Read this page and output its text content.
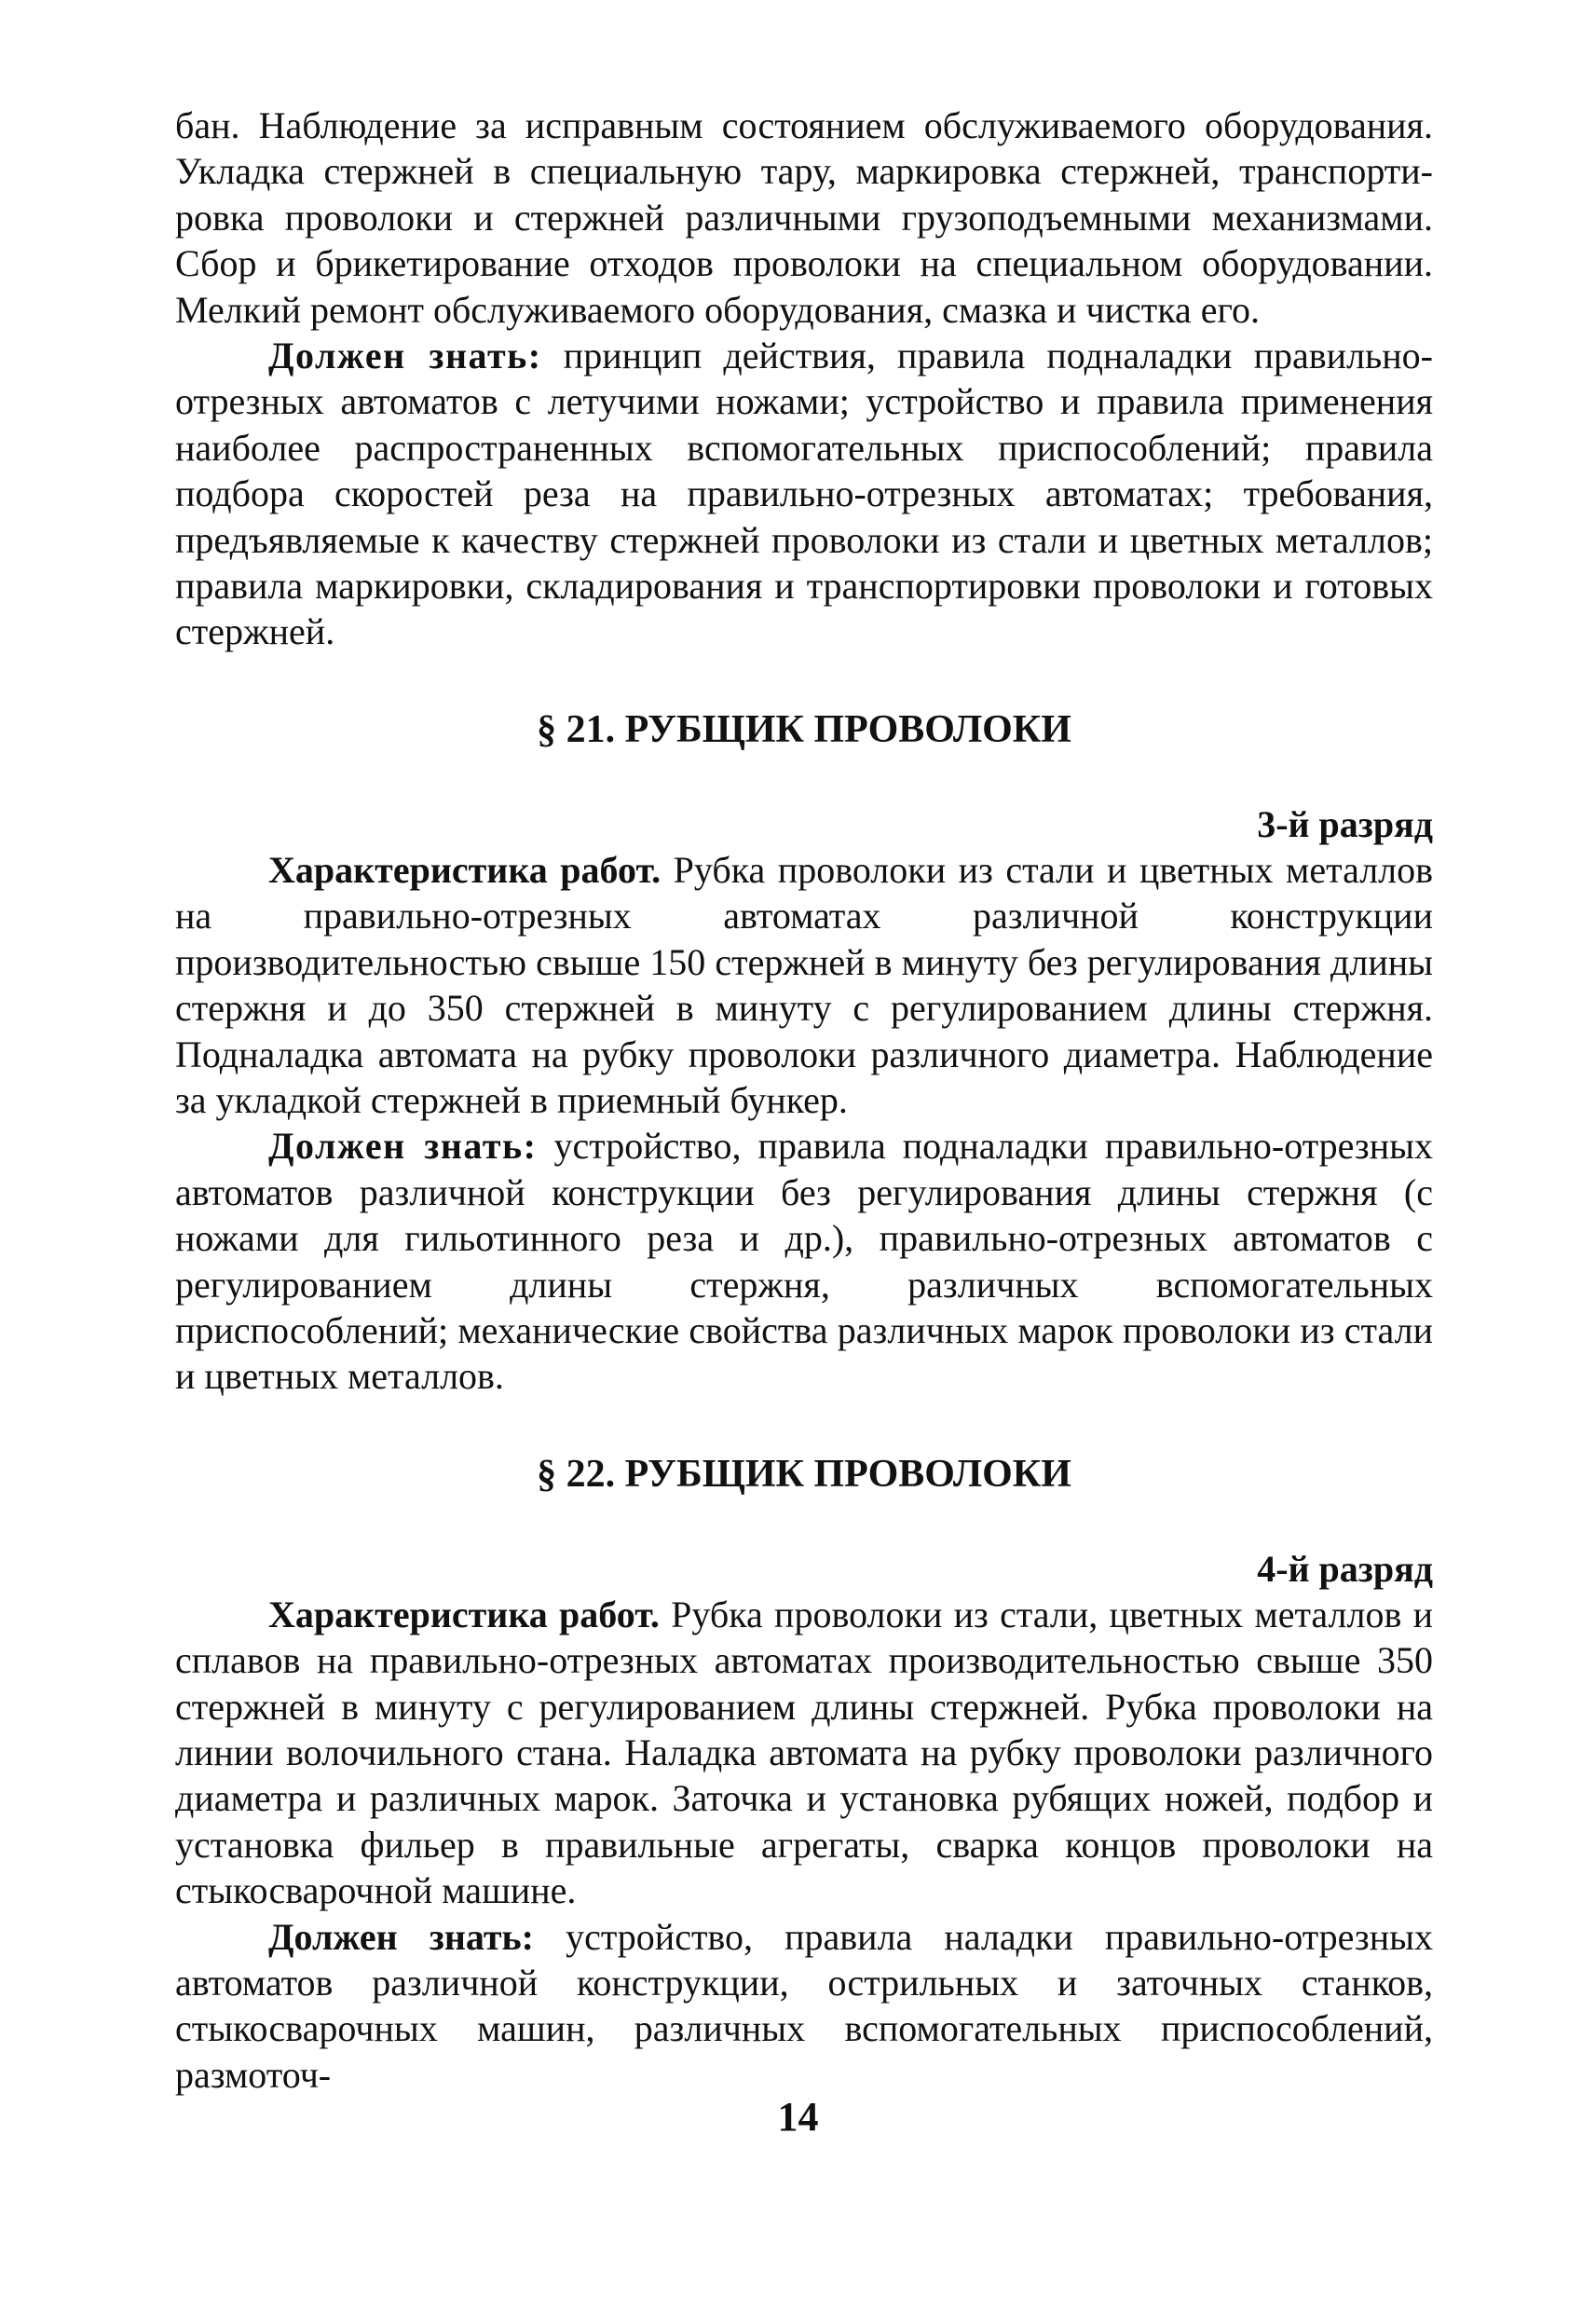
бан. Наблюдение за исправным состоянием обслуживаемого оборудования.
Укладка стержней в специальную тару, маркировка стержней, транспорти-
ровка проволоки и стержней различными грузоподъемными механизмами.
Сбор и брикетирование отходов проволоки на специальном оборудовании.
Мелкий ремонт обслуживаемого оборудования, смазка и чистка его.

Должен знать: принцип действия, правила подналадки правильно-отрезных автоматов с летучими ножами; устройство и правила применения наиболее распространенных вспомогательных приспособлений; правила подбора скоростей реза на правильно-отрезных автоматах; требования, предъявляемые к качеству стержней проволоки из стали и цветных металлов; правила маркировки, складирования и транспортировки проволоки и готовых стержней.

§ 21. РУБЩИК ПРОВОЛОКИ

3-й разряд

Характеристика работ. Рубка проволоки из стали и цветных металлов на правильно-отрезных автоматах различной конструкции производительностью свыше 150 стержней в минуту без регулирования длины стержня и до 350 стержней в минуту с регулированием длины стержня. Подналадка автомата на рубку проволоки различного диаметра. Наблюдение за укладкой стержней в приемный бункер.

Должен знать: устройство, правила подналадки правильно-отрезных автоматов различной конструкции без регулирования длины стержня (с ножами для гильотинного реза и др.), правильно-отрезных автоматов с регулированием длины стержня, различных вспомогательных приспособлений; механические свойства различных марок проволоки из стали и цветных металлов.

§ 22. РУБЩИК ПРОВОЛОКИ

4-й разряд

Характеристика работ. Рубка проволоки из стали, цветных металлов и сплавов на правильно-отрезных автоматах производительностью свыше 350 стержней в минуту с регулированием длины стержней. Рубка проволоки на линии волочильного стана. Наладка автомата на рубку проволоки различного диаметра и различных марок. Заточка и установка рубящих ножей, подбор и установка фильер в правильные агрегаты, сварка концов проволоки на стыкосварочной машине.

Должен знать: устройство, правила наладки правильно-отрезных автоматов различной конструкции, острильных и заточных станков, стыкосварочных машин, различных вспомогательных приспособлений, размоточ-

14
